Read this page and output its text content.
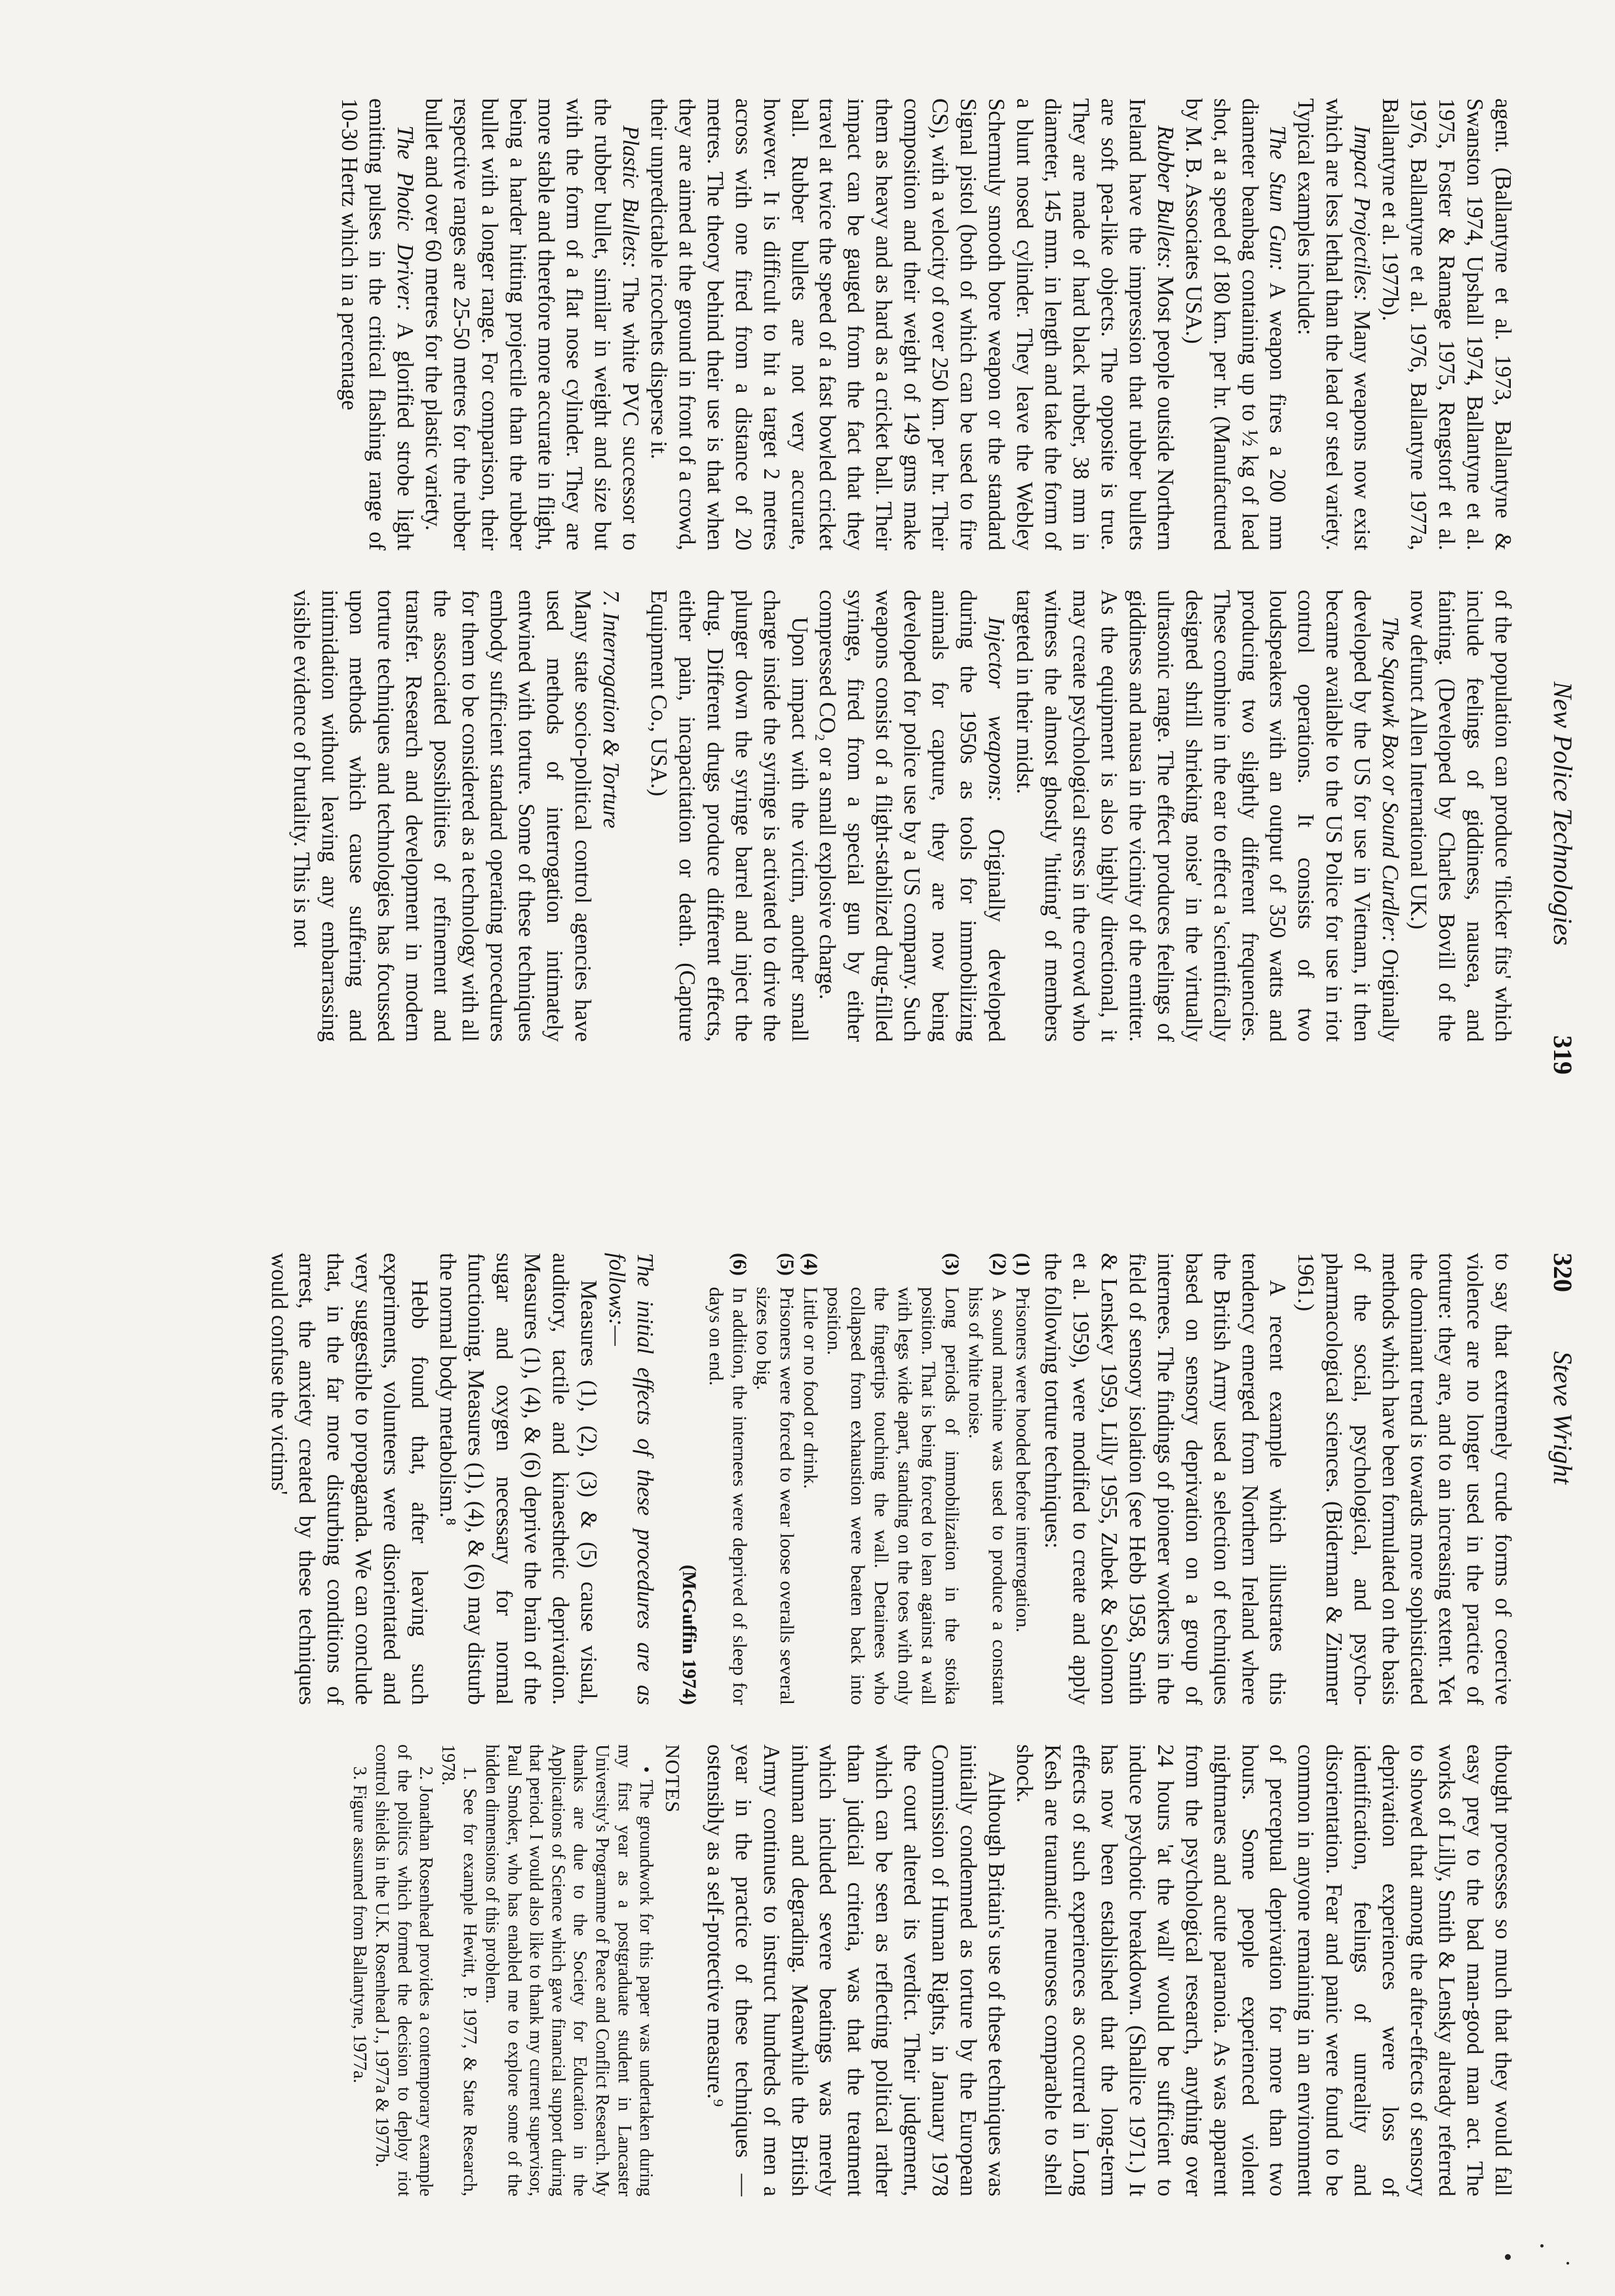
New Police Technologies
319

agent. (Ballantyne et al. 1973, Ballantyne & Swanston 1974, Upshall 1974, Ballantyne et al. 1975, Foster & Ramage 1975, Rengstorf et al. 1976, Ballantyne et al. 1976, Ballantyne 1977a, Ballantyne et al. 1977b).

Impact Projectiles: Many weapons now exist which are less lethal than the lead or steel variety. Typical examples include:

The Stun Gun: A weapon fires a 200 mm diameter beanbag containing up to ½ kg of lead shot, at a speed of 180 km. per hr. (Manufactured by M. B. Associates USA.)

Rubber Bullets: Most people outside Northern Ireland have the impression that rubber bullets are soft pea-like objects. The opposite is true. They are made of hard black rubber, 38 mm in diameter, 145 mm. in length and take the form of a blunt nosed cylinder. They leave the Webley Schermuly smooth bore weapon or the standard Signal pistol (both of which can be used to fire CS), with a velocity of over 250 km. per hr. Their composition and their weight of 149 gms make them as heavy and as hard as a cricket ball. Their impact can be gauged from the fact that they travel at twice the speed of a fast bowled cricket ball. Rubber bullets are not very accurate, however. It is difficult to hit a target 2 metres across with one fired from a distance of 20 metres. The theory behind their use is that when they are aimed at the ground in front of a crowd, their unpredictable ricochets disperse it.

Plastic Bullets: The white PVC successor to the rubber bullet, similar in weight and size but with the form of a flat nose cylinder. They are more stable and therefore more accurate in flight, being a harder hitting projectile than the rubber bullet with a longer range. For comparison, their respective ranges are 25-50 metres for the rubber bullet and over 60 metres for the plastic variety.

The Photic Driver: A glorified strobe light emitting pulses in the critical flashing range of 10-30 Hertz which in a percentage

of the population can produce 'flicker fits' which include feelings of giddiness, nausea, and fainting. (Developed by Charles Bovill of the now defunct Allen International UK.)

The Squawk Box or Sound Curdler: Originally developed by the US for use in Vietnam, it then became available to the US Police for use in riot control operations. It consists of two loudspeakers with an output of 350 watts and producing two slightly different frequencies. These combine in the ear to effect a 'scientifically designed shrill shrieking noise' in the virtually ultrasonic range. The effect produces feelings of giddiness and nausa in the vicinity of the emitter. As the equipment is also highly directional, it may create psychological stress in the crowd who witness the almost ghostly 'hitting' of members targeted in their midst.

Injector weapons: Originally developed during the 1950s as tools for immobilizing animals for capture, they are now being developed for police use by a US company. Such weapons consist of a flight-stabilized drug-filled syringe, fired from a special gun by either compressed CO₂ or a small explosive charge.

Upon impact with the victim, another small charge inside the syringe is activated to drive the plunger down the syringe barrel and inject the drug. Different drugs produce different effects, either pain, incapacitation or death. (Capture Equipment Co., USA.)

7. Interrogation & Torture

Many state socio-political control agencies have used methods of interrogation intimately entwined with torture. Some of these techniques embody sufficient standard operating procedures for them to be considered as a technology with all the associated possibilities of refinement and transfer. Research and development in modern torture techniques and technologies has focussed upon methods which cause suffering and intimidation without leaving any embarrassing visible evidence of brutality. This is not

320
Steve Wright

to say that extremely crude forms of coercive violence are no longer used in the practice of torture: they are, and to an increasing extent. Yet the dominant trend is towards more sophisticated methods which have been formulated on the basis of the social, psychological, and psycho-pharmacological sciences. (Biderman & Zimmer 1961.)

A recent example which illustrates this tendency emerged from Northern Ireland where the British Army used a selection of techniques based on sensory deprivation on a group of internees. The findings of pioneer workers in the field of sensory isolation (see Hebb 1958, Smith & Lenskey 1959, Lilly 1955, Zubek & Solomon et al. 1959), were modified to create and apply the following torture techniques:

(1)
Prisoners were hooded before interrogation.
(2)
A sound machine was used to produce a constant hiss of white noise.
(3)
Long periods of immobilization in the stoika position. That is being forced to lean against a wall with legs wide apart, standing on the toes with only the fingertips touching the wall. Detainees who collapsed from exhaustion were beaten back into position.
(4)
Little or no food or drink.
(5)
Prisoners were forced to wear loose overalls several sizes too big.
(6)
In addition, the internees were deprived of sleep for days on end.
(McGuffin 1974)

The initial effects of these procedures are as follows:—

Measures (1), (2), (3) & (5) cause visual, auditory, tactile and kinaesthetic deprivation. Measures (1), (4), & (6) deprive the brain of the sugar and oxygen necessary for normal functioning. Measures (1), (4), & (6) may disturb the normal body metabolism.⁸

Hebb found that, after leaving such experiments, volunteers were disorientated and very suggestible to propaganda. We can conclude that, in the far more disturbing conditions of arrest, the anxiety created by these techniques would confuse the victims'

thought processes so much that they would fall easy prey to the bad man-good man act. The works of Lilly, Smith & Lensky already referred to showed that among the after-effects of sensory deprivation experiences were loss of identification, feelings of unreality and disorientation. Fear and panic were found to be common in anyone remaining in an environment of perceptual deprivation for more than two hours. Some people experienced violent nightmares and acute paranoia. As was apparent from the psychological research, anything over 24 hours 'at the wall' would be sufficient to induce psychotic breakdown. (Shallice 1971.) It has now been established that the long-term effects of such experiences as occurred in Long Kesh are traumatic neuroses comparable to shell shock.

Although Britain's use of these techniques was initially condemned as torture by the European Commission of Human Rights, in January 1978 the court altered its verdict. Their judgement, which can be seen as reflecting political rather than judicial criteria, was that the treatment which included severe beatings was merely inhuman and degrading. Meanwhile the British Army continues to instruct hundreds of men a year in the practice of these techniques — ostensibly as a self-protective measure.⁹

NOTES

• The groundwork for this paper was undertaken during my first year as a postgraduate student in Lancaster University's Programme of Peace and Conflict Research. My thanks are due to the Society for Education in the Applications of Science which gave financial support during that period. I would also like to thank my current supervisor, Paul Smoker, who has enabled me to explore some of the hidden dimensions of this problem.

1. See for example Hewitt, P. 1977, & State Research, 1978.

2. Jonathan Rosenhead provides a contemporary example of the politics which formed the decision to deploy riot control shields in the U.K. Rosenhead J., 1977a & 1977b.

3. Figure assumed from Ballantyne, 1977a.
